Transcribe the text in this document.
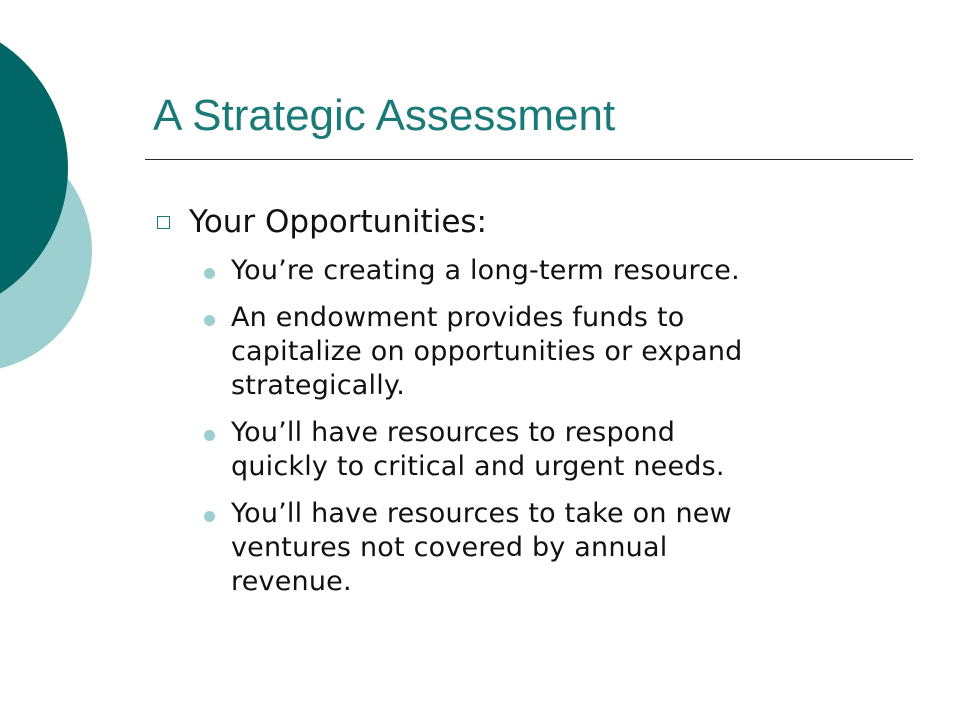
A Strategic Assessment
Your Opportunities:
You’re creating a long-term resource.
An endowment provides funds to
capitalize on opportunities or expand
strategically.
You’ll have resources to respond
quickly to critical and urgent needs.
You’ll have resources to take on new
ventures not covered by annual
revenue.
